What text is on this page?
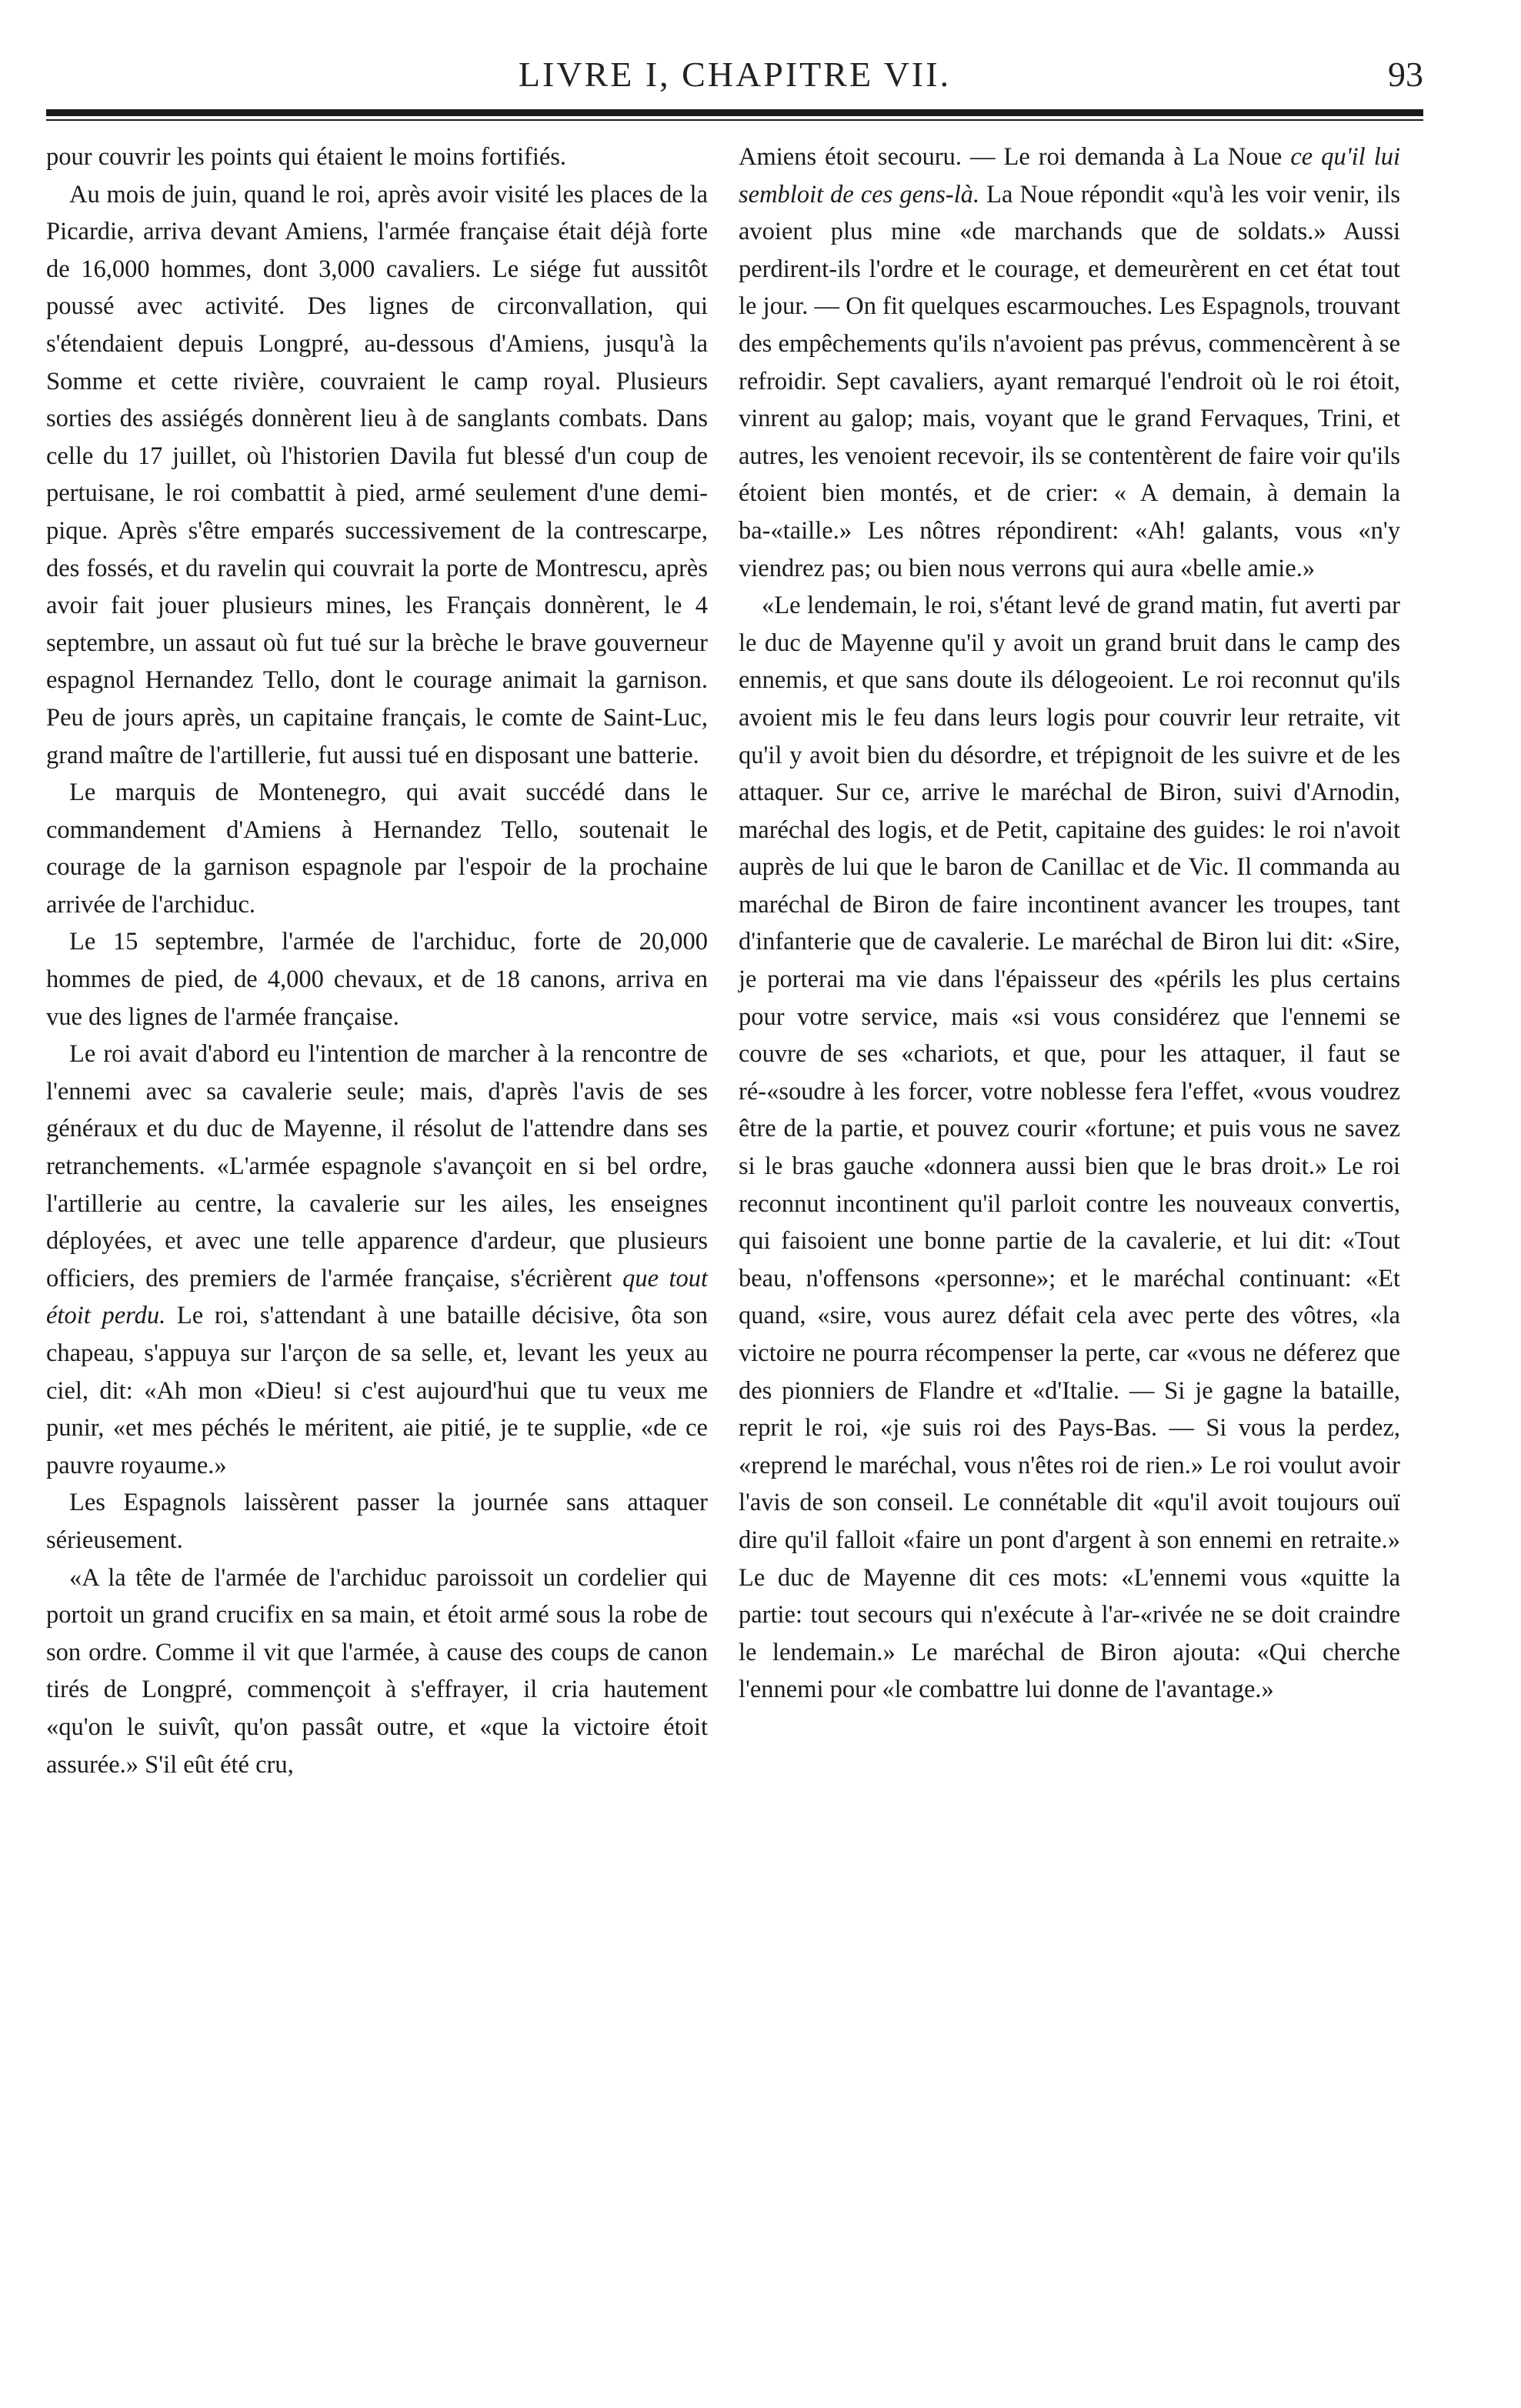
LIVRE I, CHAPITRE VII.	93

pour couvrir les points qui étaient le moins fortifiés.

Au mois de juin, quand le roi, après avoir visité les places de la Picardie, arriva devant Amiens, l'armée française était déjà forte de 16,000 hommes, dont 3,000 cavaliers. Le siége fut aussitôt poussé avec activité. Des lignes de circonvallation, qui s'étendaient depuis Longpré, au-dessous d'Amiens, jusqu'à la Somme et cette rivière, couvraient le camp royal. Plusieurs sorties des assiégés donnèrent lieu à de sanglants combats. Dans celle du 17 juillet, où l'historien Davila fut blessé d'un coup de pertuisane, le roi combattit à pied, armé seulement d'une demi-pique. Après s'être emparés successivement de la contrescarpe, des fossés, et du ravelin qui couvrait la porte de Montrescu, après avoir fait jouer plusieurs mines, les Français donnèrent, le 4 septembre, un assaut où fut tué sur la brèche le brave gouverneur espagnol Hernandez Tello, dont le courage animait la garnison. Peu de jours après, un capitaine français, le comte de Saint-Luc, grand maître de l'artillerie, fut aussi tué en disposant une batterie.

Le marquis de Montenegro, qui avait succédé dans le commandement d'Amiens à Hernandez Tello, soutenait le courage de la garnison espagnole par l'espoir de la prochaine arrivée de l'archiduc.

Le 15 septembre, l'armée de l'archiduc, forte de 20,000 hommes de pied, de 4,000 chevaux, et de 18 canons, arriva en vue des lignes de l'armée française.

Le roi avait d'abord eu l'intention de marcher à la rencontre de l'ennemi avec sa cavalerie seule; mais, d'après l'avis de ses généraux et du duc de Mayenne, il résolut de l'attendre dans ses retranchements. «L'armée espagnole s'avançoit en si bel ordre, l'artillerie au centre, la cavalerie sur les ailes, les enseignes déployées, et avec une telle apparence d'ardeur, que plusieurs officiers, des premiers de l'armée française, s'écrièrent que tout étoit perdu. Le roi, s'attendant à une bataille décisive, ôta son chapeau, s'appuya sur l'arçon de sa selle, et, levant les yeux au ciel, dit: «Ah mon «Dieu! si c'est aujourd'hui que tu veux me punir, «et mes péchés le méritent, aie pitié, je te supplie, «de ce pauvre royaume.»

Les Espagnols laissèrent passer la journée sans attaquer sérieusement.

«A la tête de l'armée de l'archiduc paroissoit un cordelier qui portoit un grand crucifix en sa main, et étoit armé sous la robe de son ordre. Comme il vit que l'armée, à cause des coups de canon tirés de Longpré, commençoit à s'effrayer, il cria hautement «qu'on le suivît, qu'on passât outre, et «que la victoire étoit assurée.» S'il eût été cru,

Amiens étoit secouru. — Le roi demanda à La Noue ce qu'il lui sembloit de ces gens-là. La Noue répondit «qu'à les voir venir, ils avoient plus mine «de marchands que de soldats.» Aussi perdirent-ils l'ordre et le courage, et demeurèrent en cet état tout le jour. — On fit quelques escarmouches. Les Espagnols, trouvant des empêchements qu'ils n'avoient pas prévus, commencèrent à se refroidir. Sept cavaliers, ayant remarqué l'endroit où le roi étoit, vinrent au galop; mais, voyant que le grand Fervaques, Trini, et autres, les venoient recevoir, ils se contentèrent de faire voir qu'ils étoient bien montés, et de crier: « A demain, à demain la ba-«taille.» Les nôtres répondirent: «Ah! galants, vous «n'y viendrez pas; ou bien nous verrons qui aura «belle amie.»

«Le lendemain, le roi, s'étant levé de grand matin, fut averti par le duc de Mayenne qu'il y avoit un grand bruit dans le camp des ennemis, et que sans doute ils délogeoient. Le roi reconnut qu'ils avoient mis le feu dans leurs logis pour couvrir leur retraite, vit qu'il y avoit bien du désordre, et trépignoit de les suivre et de les attaquer. Sur ce, arrive le maréchal de Biron, suivi d'Arnodin, maréchal des logis, et de Petit, capitaine des guides: le roi n'avoit auprès de lui que le baron de Canillac et de Vic. Il commanda au maréchal de Biron de faire incontinent avancer les troupes, tant d'infanterie que de cavalerie. Le maréchal de Biron lui dit: «Sire, je porterai ma vie dans l'épaisseur des «périls les plus certains pour votre service, mais «si vous considérez que l'ennemi se couvre de ses «chariots, et que, pour les attaquer, il faut se ré-«soudre à les forcer, votre noblesse fera l'effet, «vous voudrez être de la partie, et pouvez courir «fortune; et puis vous ne savez si le bras gauche «donnera aussi bien que le bras droit.» Le roi reconnut incontinent qu'il parloit contre les nouveaux convertis, qui faisoient une bonne partie de la cavalerie, et lui dit: «Tout beau, n'offensons «personne»; et le maréchal continuant: «Et quand, «sire, vous aurez défait cela avec perte des vôtres, «la victoire ne pourra récompenser la perte, car «vous ne déferez que des pionniers de Flandre et «d'Italie. — Si je gagne la bataille, reprit le roi, «je suis roi des Pays-Bas. — Si vous la perdez, «reprend le maréchal, vous n'êtes roi de rien.» Le roi voulut avoir l'avis de son conseil. Le connétable dit «qu'il avoit toujours ouï dire qu'il falloit «faire un pont d'argent à son ennemi en retraite.» Le duc de Mayenne dit ces mots: «L'ennemi vous «quitte la partie: tout secours qui n'exécute à l'ar-«rivée ne se doit craindre le lendemain.» Le maréchal de Biron ajouta: «Qui cherche l'ennemi pour «le combattre lui donne de l'avantage.»
